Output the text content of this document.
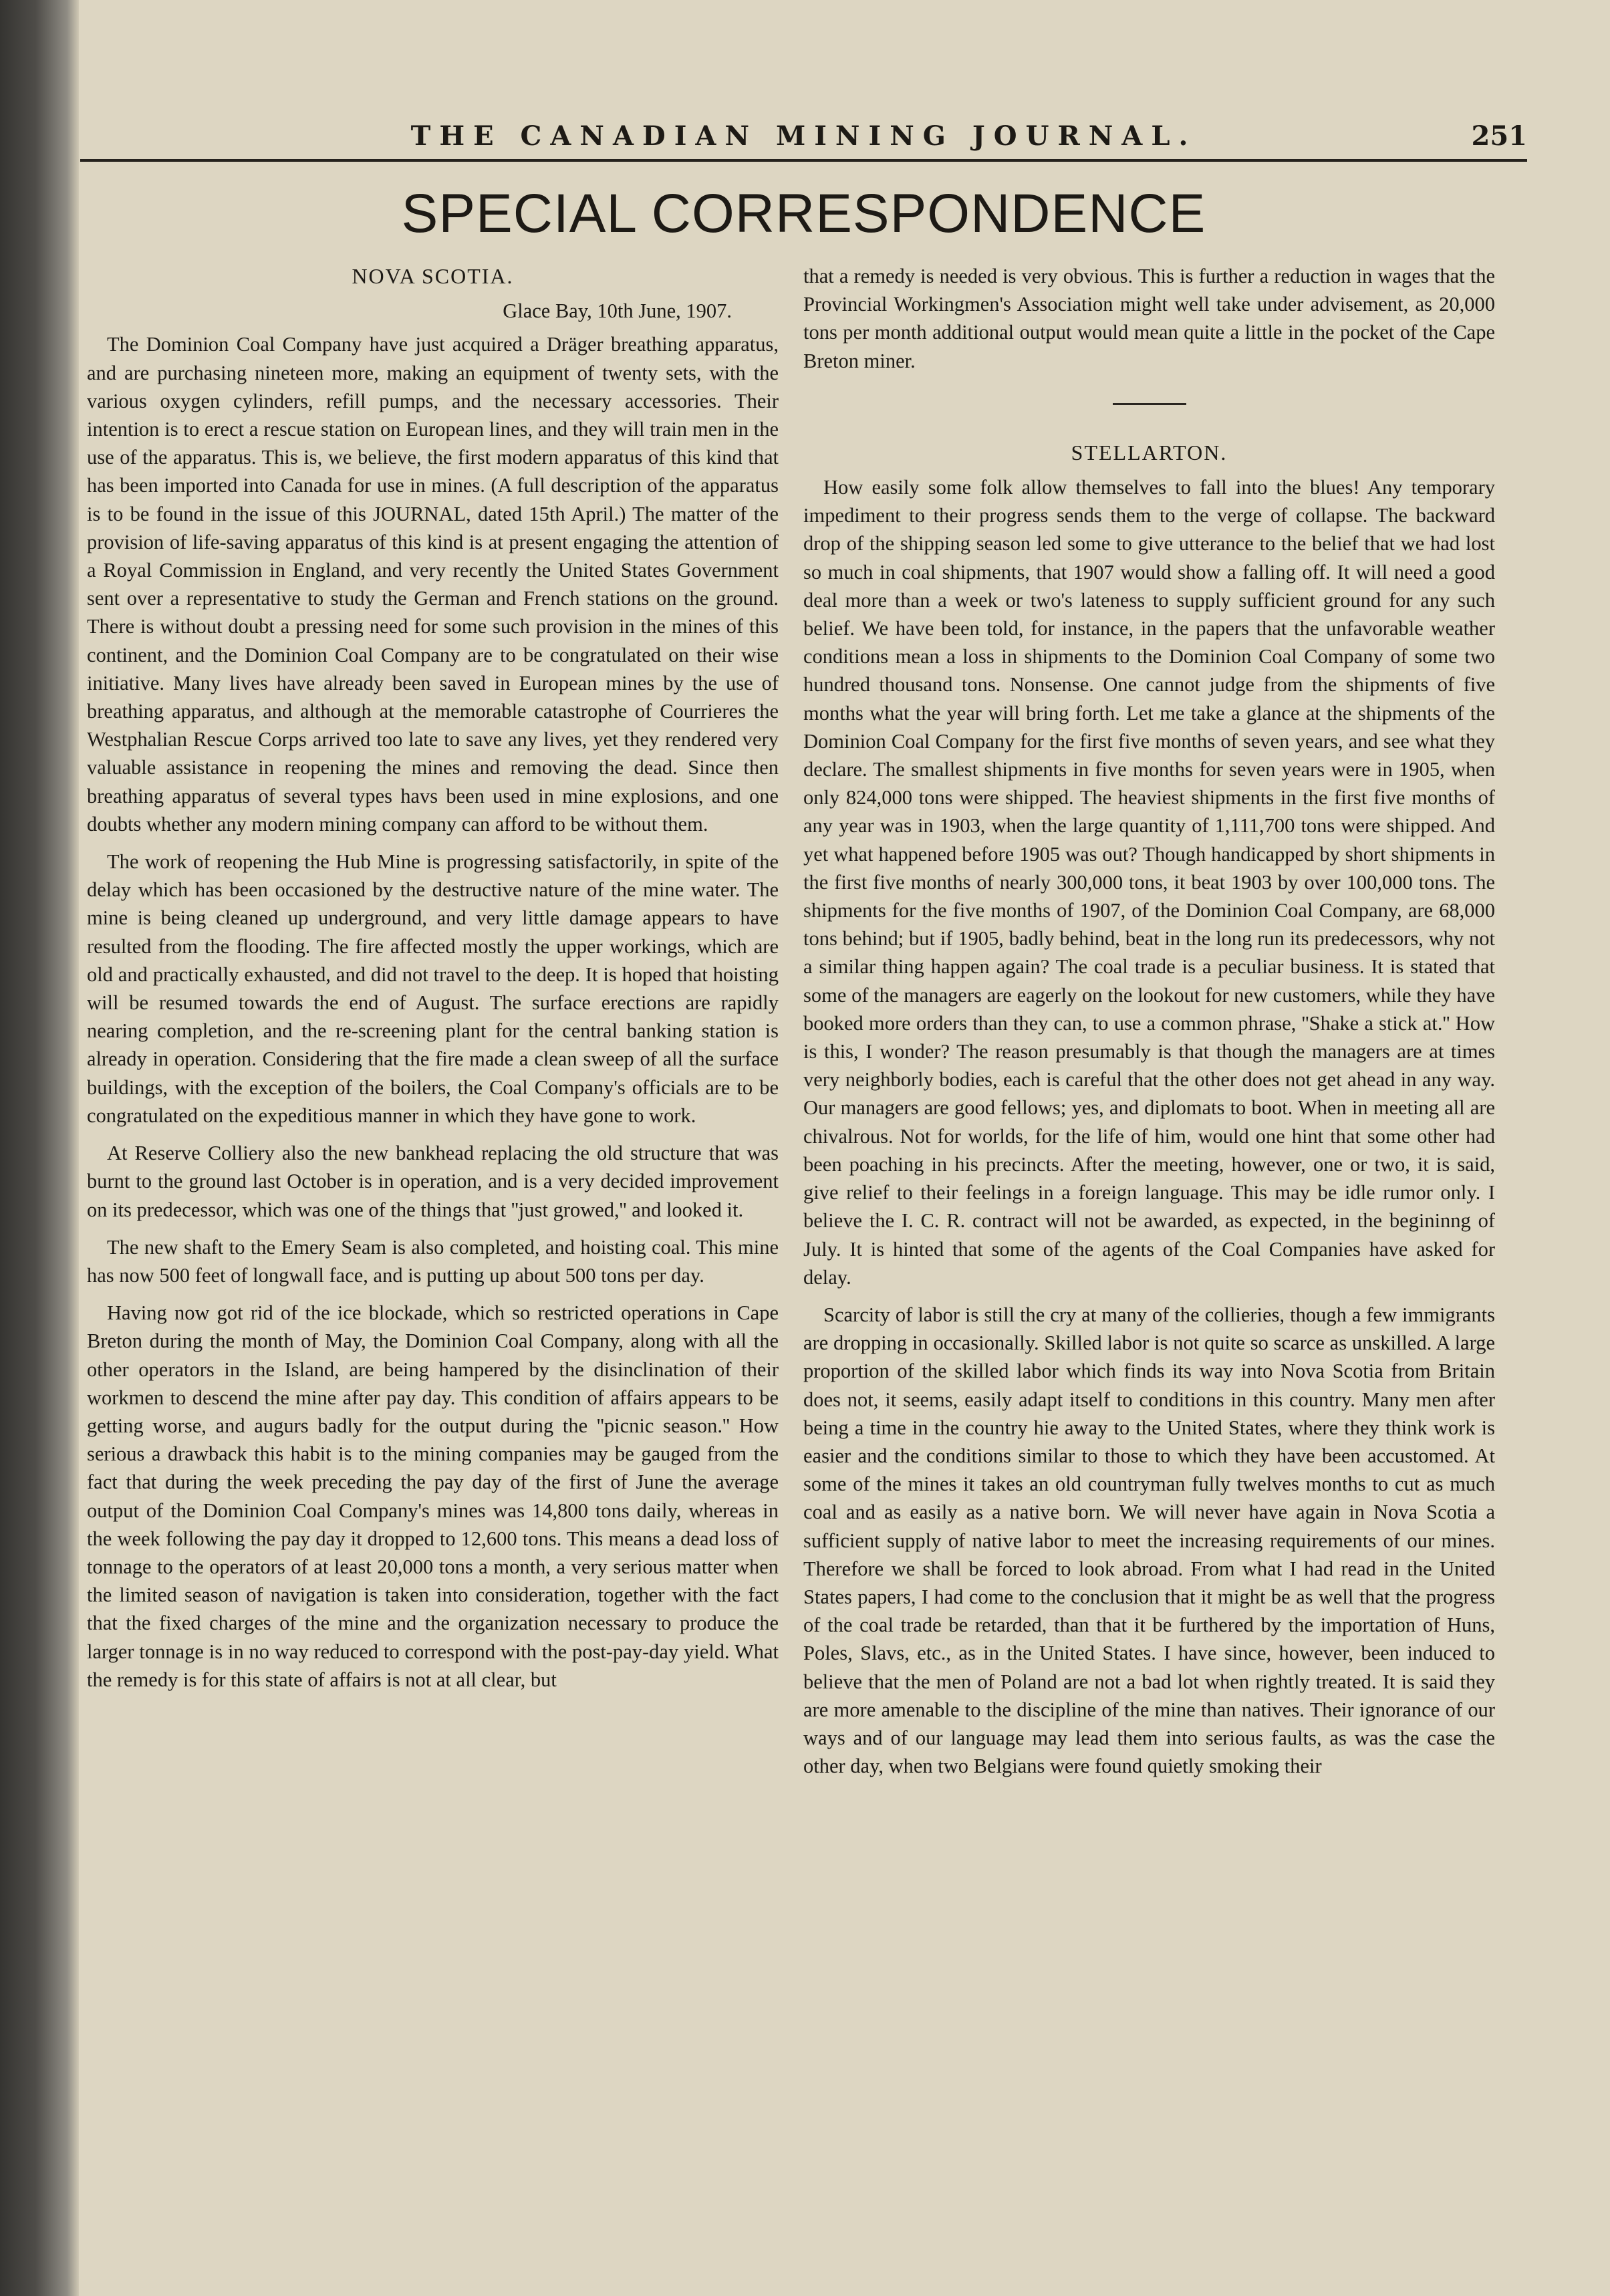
THE CANADIAN MINING JOURNAL.	251
SPECIAL CORRESPONDENCE
NOVA SCOTIA.
Glace Bay, 10th June, 1907.

The Dominion Coal Company have just acquired a Dräger breathing apparatus, and are purchasing nineteen more, making an equipment of twenty sets, with the various oxygen cylinders, refill pumps, and the necessary accessories. Their intention is to erect a rescue station on European lines, and they will train men in the use of the apparatus. This is, we believe, the first modern apparatus of this kind that has been imported into Canada for use in mines. (A full description of the apparatus is to be found in the issue of this JOURNAL, dated 15th April.) The matter of the provision of life-saving apparatus of this kind is at present engaging the attention of a Royal Commission in England, and very recently the United States Government sent over a representative to study the German and French stations on the ground. There is without doubt a pressing need for some such provision in the mines of this continent, and the Dominion Coal Company are to be congratulated on their wise initiative. Many lives have already been saved in European mines by the use of breathing apparatus, and although at the memorable catastrophe of Courrieres the Westphalian Rescue Corps arrived too late to save any lives, yet they rendered very valuable assistance in reopening the mines and removing the dead. Since then breathing apparatus of several types havs been used in mine explosions, and one doubts whether any modern mining company can afford to be without them.

The work of reopening the Hub Mine is progressing satisfactorily, in spite of the delay which has been occasioned by the destructive nature of the mine water. The mine is being cleaned up underground, and very little damage appears to have resulted from the flooding. The fire affected mostly the upper workings, which are old and practically exhausted, and did not travel to the deep. It is hoped that hoisting will be resumed towards the end of August. The surface erections are rapidly nearing completion, and the re-screening plant for the central banking station is already in operation. Considering that the fire made a clean sweep of all the surface buildings, with the exception of the boilers, the Coal Company's officials are to be congratulated on the expeditious manner in which they have gone to work.

At Reserve Colliery also the new bankhead replacing the old structure that was burnt to the ground last October is in operation, and is a very decided improvement on its predecessor, which was one of the things that ''just growed,'' and looked it.

The new shaft to the Emery Seam is also completed, and hoisting coal. This mine has now 500 feet of longwall face, and is putting up about 500 tons per day.

Having now got rid of the ice blockade, which so restricted operations in Cape Breton during the month of May, the Dominion Coal Company, along with all the other operators in the Island, are being hampered by the disinclination of their workmen to descend the mine after pay day. This condition of affairs appears to be getting worse, and augurs badly for the output during the ''picnic season.'' How serious a drawback this habit is to the mining companies may be gauged from the fact that during the week preceding the pay day of the first of June the average output of the Dominion Coal Company's mines was 14,800 tons daily, whereas in the week following the pay day it dropped to 12,600 tons. This means a dead loss of tonnage to the operators of at least 20,000 tons a month, a very serious matter when the limited season of navigation is taken into consideration, together with the fact that the fixed charges of the mine and the organization necessary to produce the larger tonnage is in no way reduced to correspond with the post-pay-day yield. What the remedy is for this state of affairs is not at all clear, but

that a remedy is needed is very obvious. This is further a reduction in wages that the Provincial Workingmen's Association might well take under advisement, as 20,000 tons per month additional output would mean quite a little in the pocket of the Cape Breton miner.

STELLARTON.

How easily some folk allow themselves to fall into the blues! Any temporary impediment to their progress sends them to the verge of collapse. The backward drop of the shipping season led some to give utterance to the belief that we had lost so much in coal shipments, that 1907 would show a falling off. It will need a good deal more than a week or two's lateness to supply sufficient ground for any such belief. We have been told, for instance, in the papers that the unfavorable weather conditions mean a loss in shipments to the Dominion Coal Company of some two hundred thousand tons. Nonsense. One cannot judge from the shipments of five months what the year will bring forth. Let me take a glance at the shipments of the Dominion Coal Company for the first five months of seven years, and see what they declare. The smallest shipments in five months for seven years were in 1905, when only 824,000 tons were shipped. The heaviest shipments in the first five months of any year was in 1903, when the large quantity of 1,111,700 tons were shipped. And yet what happened before 1905 was out? Though handicapped by short shipments in the first five months of nearly 300,000 tons, it beat 1903 by over 100,000 tons. The shipments for the five months of 1907, of the Dominion Coal Company, are 68,000 tons behind; but if 1905, badly behind, beat in the long run its predecessors, why not a similar thing happen again? The coal trade is a peculiar business. It is stated that some of the managers are eagerly on the lookout for new customers, while they have booked more orders than they can, to use a common phrase, ''Shake a stick at.'' How is this, I wonder? The reason presumably is that though the managers are at times very neighborly bodies, each is careful that the other does not get ahead in any way. Our managers are good fellows; yes, and diplomats to boot. When in meeting all are chivalrous. Not for worlds, for the life of him, would one hint that some other had been poaching in his precincts. After the meeting, however, one or two, it is said, give relief to their feelings in a foreign language. This may be idle rumor only. I believe the I. C. R. contract will not be awarded, as expected, in the begininng of July. It is hinted that some of the agents of the Coal Companies have asked for delay.

Scarcity of labor is still the cry at many of the collieries, though a few immigrants are dropping in occasionally. Skilled labor is not quite so scarce as unskilled. A large proportion of the skilled labor which finds its way into Nova Scotia from Britain does not, it seems, easily adapt itself to conditions in this country. Many men after being a time in the country hie away to the United States, where they think work is easier and the conditions similar to those to which they have been accustomed. At some of the mines it takes an old countryman fully twelves months to cut as much coal and as easily as a native born. We will never have again in Nova Scotia a sufficient supply of native labor to meet the increasing requirements of our mines. Therefore we shall be forced to look abroad. From what I had read in the United States papers, I had come to the conclusion that it might be as well that the progress of the coal trade be retarded, than that it be furthered by the importation of Huns, Poles, Slavs, etc., as in the United States. I have since, however, been induced to believe that the men of Poland are not a bad lot when rightly treated. It is said they are more amenable to the discipline of the mine than natives. Their ignorance of our ways and of our language may lead them into serious faults, as was the case the other day, when two Belgians were found quietly smoking their
